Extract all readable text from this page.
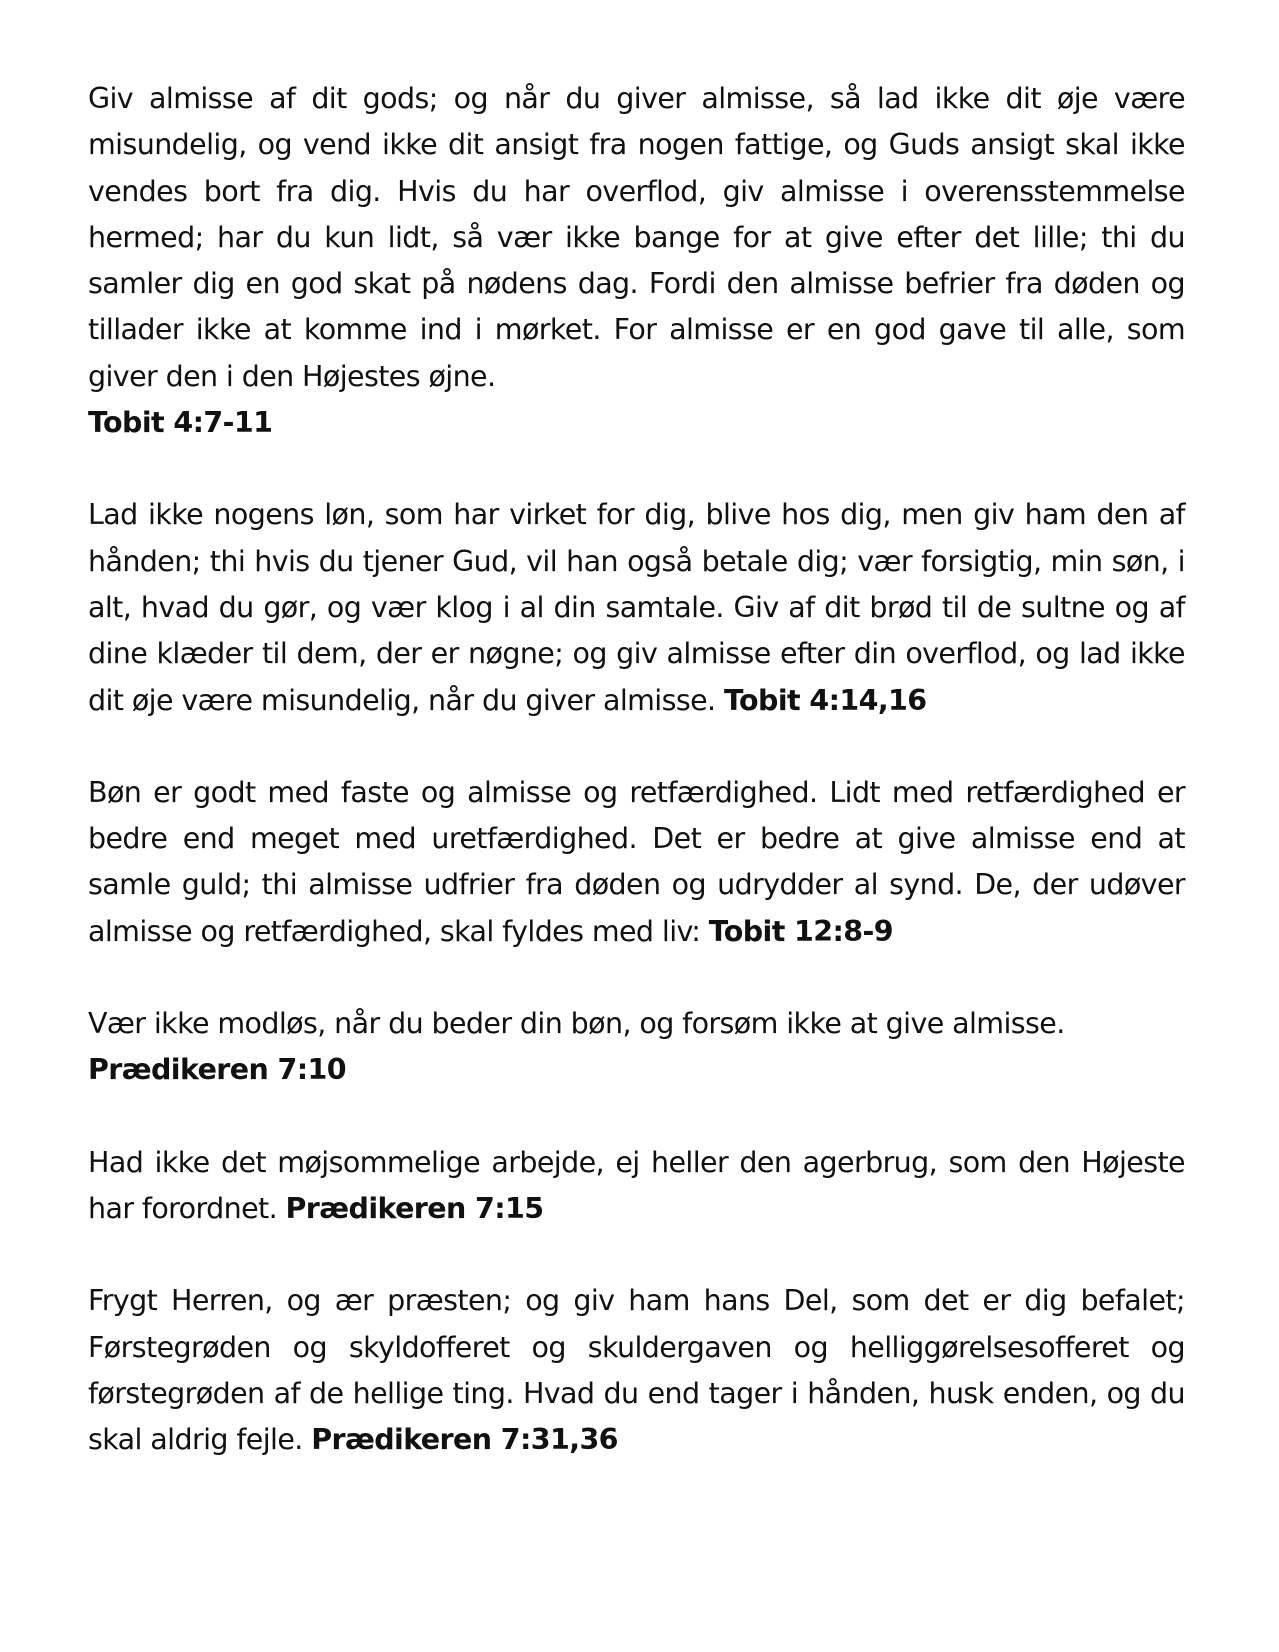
Giv almisse af dit gods; og når du giver almisse, så lad ikke dit øje være misundelig, og vend ikke dit ansigt fra nogen fattige, og Guds ansigt skal ikke vendes bort fra dig. Hvis du har overflod, giv almisse i overensstemmelse hermed; har du kun lidt, så vær ikke bange for at give efter det lille; thi du samler dig en god skat på nødens dag. Fordi den almisse befrier fra døden og tillader ikke at komme ind i mørket. For almisse er en god gave til alle, som giver den i den Højestes øjne.
Tobit 4:7-11

Lad ikke nogens løn, som har virket for dig, blive hos dig, men giv ham den af hånden; thi hvis du tjener Gud, vil han også betale dig; vær forsigtig, min søn, i alt, hvad du gør, og vær klog i al din samtale. Giv af dit brød til de sultne og af dine klæder til dem, der er nøgne; og giv almisse efter din overflod, og lad ikke dit øje være misundelig, når du giver almisse. Tobit 4:14,16

Bøn er godt med faste og almisse og retfærdighed. Lidt med retfærdighed er bedre end meget med uretfærdighed. Det er bedre at give almisse end at samle guld; thi almisse udfrier fra døden og udrydder al synd. De, der udøver almisse og retfærdighed, skal fyldes med liv: Tobit 12:8-9

Vær ikke modløs, når du beder din bøn, og forsøm ikke at give almisse.
Prædikeren 7:10

Had ikke det møjsommelige arbejde, ej heller den agerbrug, som den Højeste har forordnet. Prædikeren 7:15

Frygt Herren, og ær præsten; og giv ham hans Del, som det er dig befalet; Førstegrøden og skyldofferet og skuldergaven og helliggørelsesofferet og førstegrøden af de hellige ting. Hvad du end tager i hånden, husk enden, og du skal aldrig fejle. Prædikeren 7:31,36
